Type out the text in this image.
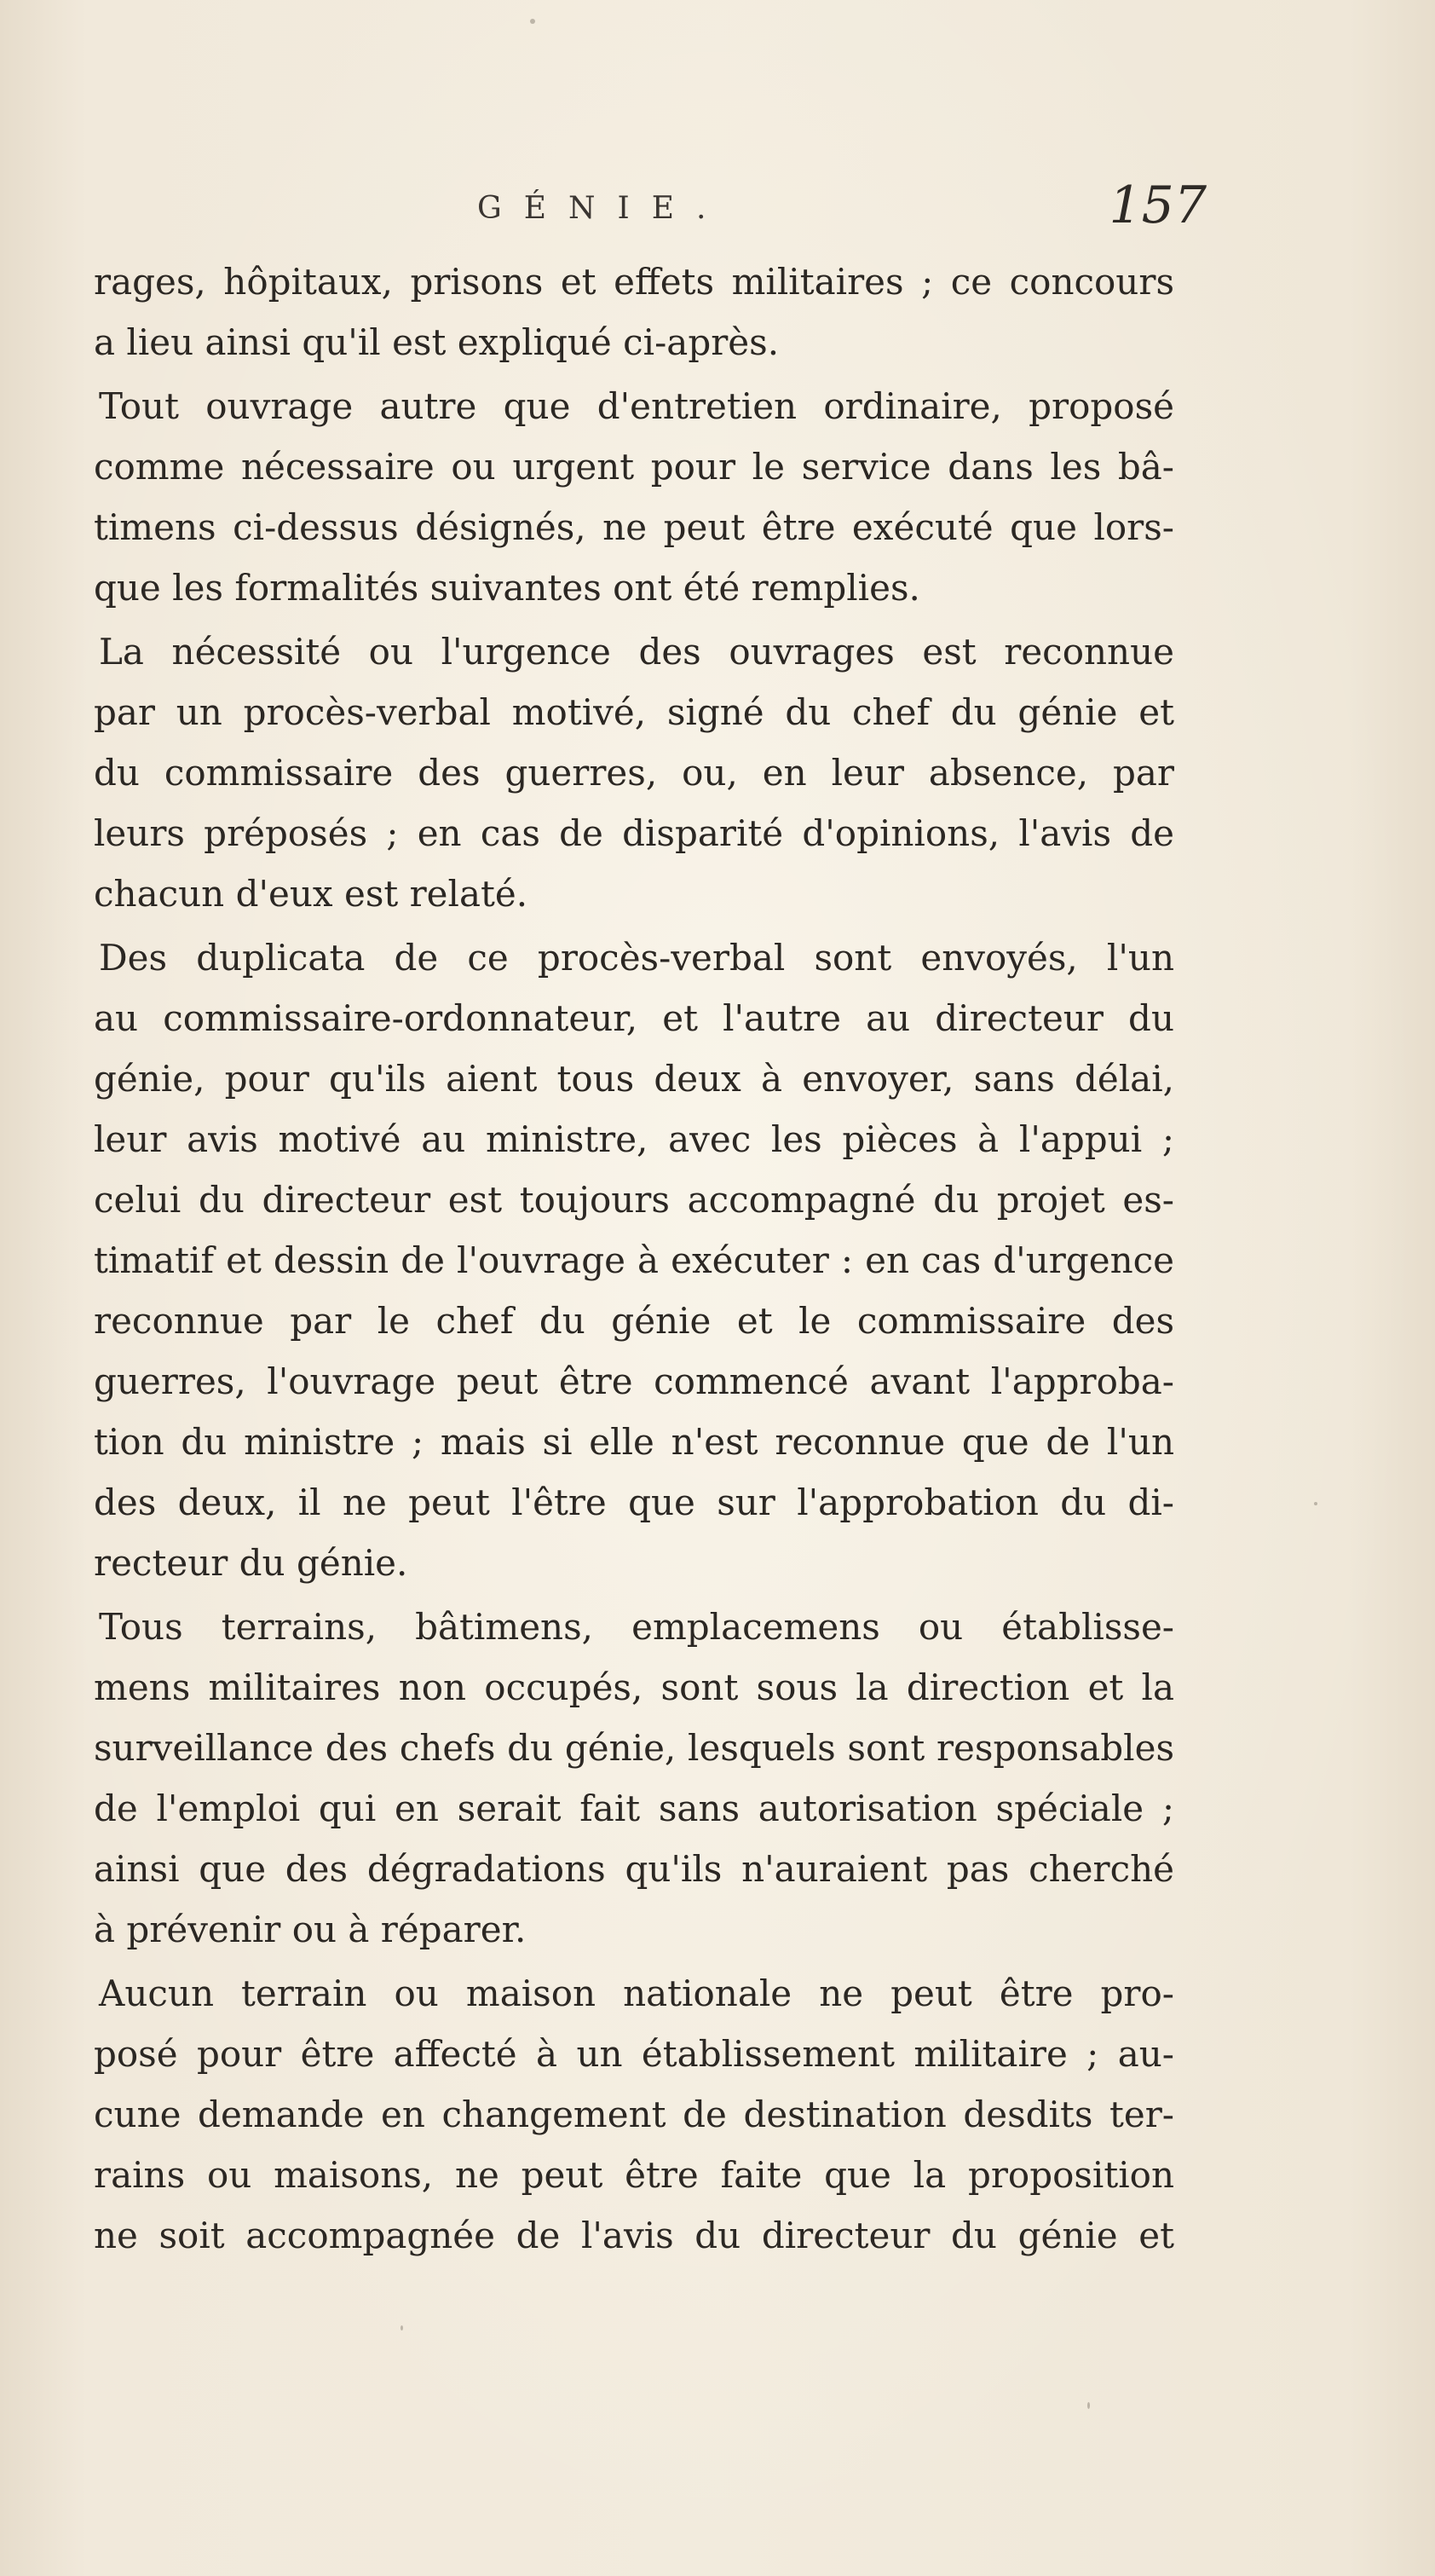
GÉNIE.	157
rages, hôpitaux, prisons et effets militaires ; ce concours
a lieu ainsi qu'il est expliqué ci-après.
Tout ouvrage autre que d'entretien ordinaire, proposé
comme nécessaire ou urgent pour le service dans les bâ-
timens ci-dessus désignés, ne peut être exécuté que lors-
que les formalités suivantes ont été remplies.
La nécessité ou l'urgence des ouvrages est reconnue
par un procès-verbal motivé, signé du chef du génie et
du commissaire des guerres, ou, en leur absence, par
leurs préposés ; en cas de disparité d'opinions, l'avis de
chacun d'eux est relaté.
Des duplicata de ce procès-verbal sont envoyés, l'un
au commissaire-ordonnateur, et l'autre au directeur du
génie, pour qu'ils aient tous deux à envoyer, sans délai,
leur avis motivé au ministre, avec les pièces à l'appui ;
celui du directeur est toujours accompagné du projet es-
timatif et dessin de l'ouvrage à exécuter : en cas d'urgence
reconnue par le chef du génie et le commissaire des
guerres, l'ouvrage peut être commencé avant l'approba-
tion du ministre ; mais si elle n'est reconnue que de l'un
des deux, il ne peut l'être que sur l'approbation du di-
recteur du génie.
Tous terrains, bâtimens, emplacemens ou établisse-
mens militaires non occupés, sont sous la direction et la
surveillance des chefs du génie, lesquels sont responsables
de l'emploi qui en serait fait sans autorisation spéciale ;
ainsi que des dégradations qu'ils n'auraient pas cherché
à prévenir ou à réparer.
Aucun terrain ou maison nationale ne peut être pro-
posé pour être affecté à un établissement militaire ; au-
cune demande en changement de destination desdits ter-
rains ou maisons, ne peut être faite que la proposition
ne soit accompagnée de l'avis du directeur du génie et
